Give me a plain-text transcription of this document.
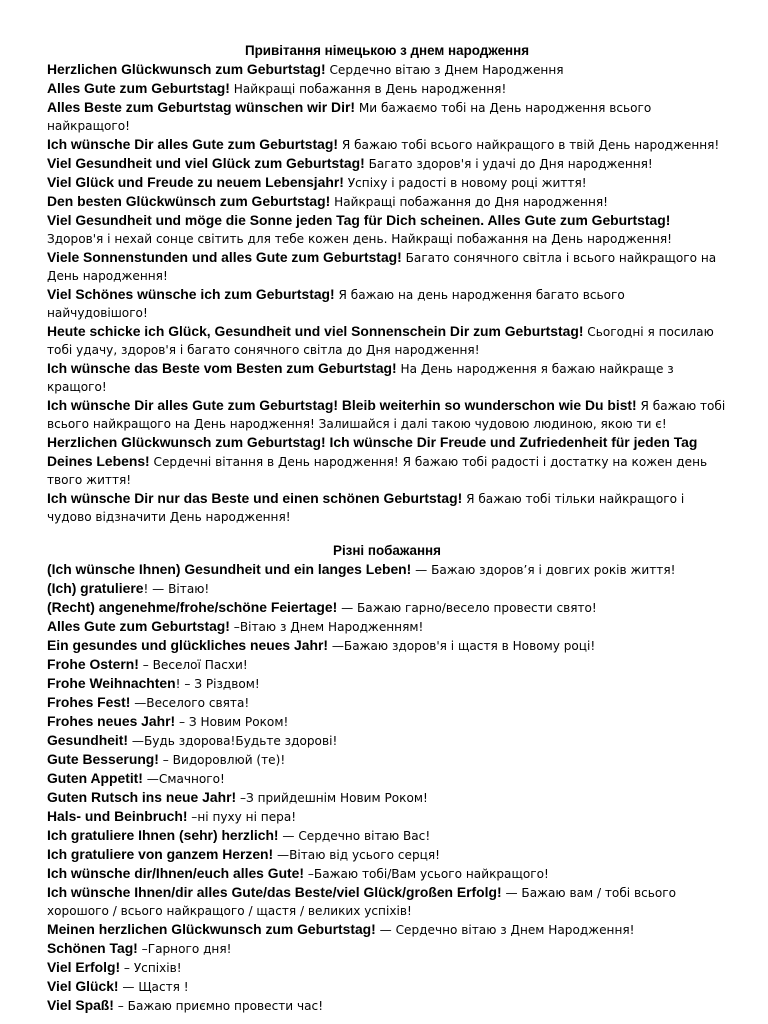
Привітання німецькою з днем народження

Herzlichen Glückwunsch zum Geburtstag! Сердечно вітаю з Днем Народження

Alles Gute zum Geburtstag! Найкращі побажання в День народження!

Alles Beste zum Geburtstag wünschen wir Dir! Ми бажаємо тобі на День народження всього найкращого!

Ich wünsche Dir alles Gute zum Geburtstag! Я бажаю тобі всього найкращого в твій День народження!

Viel Gesundheit und viel Glück zum Geburtstag! Багато здоров'я і удачі до Дня народження!

Viel Glück und Freude zu neuem Lebensjahr! Успіху і радості в новому році життя!

Den besten Glückwünsch zum Geburtstag! Найкращі побажання до Дня народження!

Viel Gesundheit und möge die Sonne jeden Tag für Dich scheinen. Alles Gute zum Geburtstag! Здоров'я і нехай сонце світить для тебе кожен день. Найкращі побажання на День народження!

Viele Sonnenstunden und alles Gute zum Geburtstag! Багато сонячного світла і всього найкращого на День народження!

Viel Schönes wünsche ich zum Geburtstag! Я бажаю на день народження багато всього найчудовішого!

Heute schicke ich Glück, Gesundheit und viel Sonnenschein Dir zum Geburtstag! Сьогодні я посилаю тобі удачу, здоров'я і багато сонячного світла до Дня народження!

Ich wünsche das Beste vom Besten zum Geburtstag! На День народження я бажаю найкраще з кращого!

Ich wünsche Dir alles Gute zum Geburtstag! Bleib weiterhin so wunderschon wie Du bist! Я бажаю тобі всього найкращого на День народження! Залишайся і далі такою чудовою людиною, якою ти є!

Herzlichen Glückwunsch zum Geburtstag! Ich wünsche Dir Freude und Zufriedenheit für jeden Tag Deines Lebens! Сердечні вітання в День народження! Я бажаю тобі радості і достатку на кожен день твого життя!

Ich wünsche Dir nur das Beste und einen schönen Geburtstag! Я бажаю тобі тільки найкращого і чудово відзначити День народження!

Різні побажання

(Ich wünsche Ihnen) Gesundheit und ein langes Leben! — Бажаю здоров’я і довгих років життя!

(Ich) gratuliere! — Вітаю!

(Recht) angenehme/frohe/schöne Feiertage! — Бажаю гарно/весело провести свято!

Alles Gute zum Geburtstag! –Вітаю з Днем Народженням!

Ein gesundes und glückliches neues Jahr! —Бажаю здоров'я і щастя в Новому році!

Frohe Ostern! – Веселої Пасхи!

Frohe Weihnachten! – З Різдвом!

Frohes Fest! —Веселого свята!

Frohes neues Jahr! – З Новим Роком!

Gesundheit! —Будь здорова!Будьте здорові!

Gute Besserung! – Видоровлюй (те)!

Guten Appetit! —Смачного!

Guten Rutsch ins neue Jahr! –З прийдешнім Новим Роком!

Hals- und Beinbruch! –ні пуху ні пера!

Ich gratuliere Ihnen (sehr) herzlich! — Сердечно вітаю Вас!

Ich gratuliere von ganzem Herzen! —Вітаю від усього серця!

Ich wünsche dir/Ihnen/euch alles Gute! –Бажаю тобі/Вам усього найкращого!

Ich wünsche Ihnen/dir alles Gute/das Beste/viel Glück/großen Erfolg! — Бажаю вам / тобі всього хорошого / всього найкращого / щастя / великих успіхів!

Meinen herzlichen Glückwunsch zum Geburtstag! — Сердечно вітаю з Днем Народження!

Schönen Tag! –Гарного дня!

Viel Erfolg! – Успіхів!

Viel Glück! — Щастя !

Viel Spaß! – Бажаю приємно провести час!
